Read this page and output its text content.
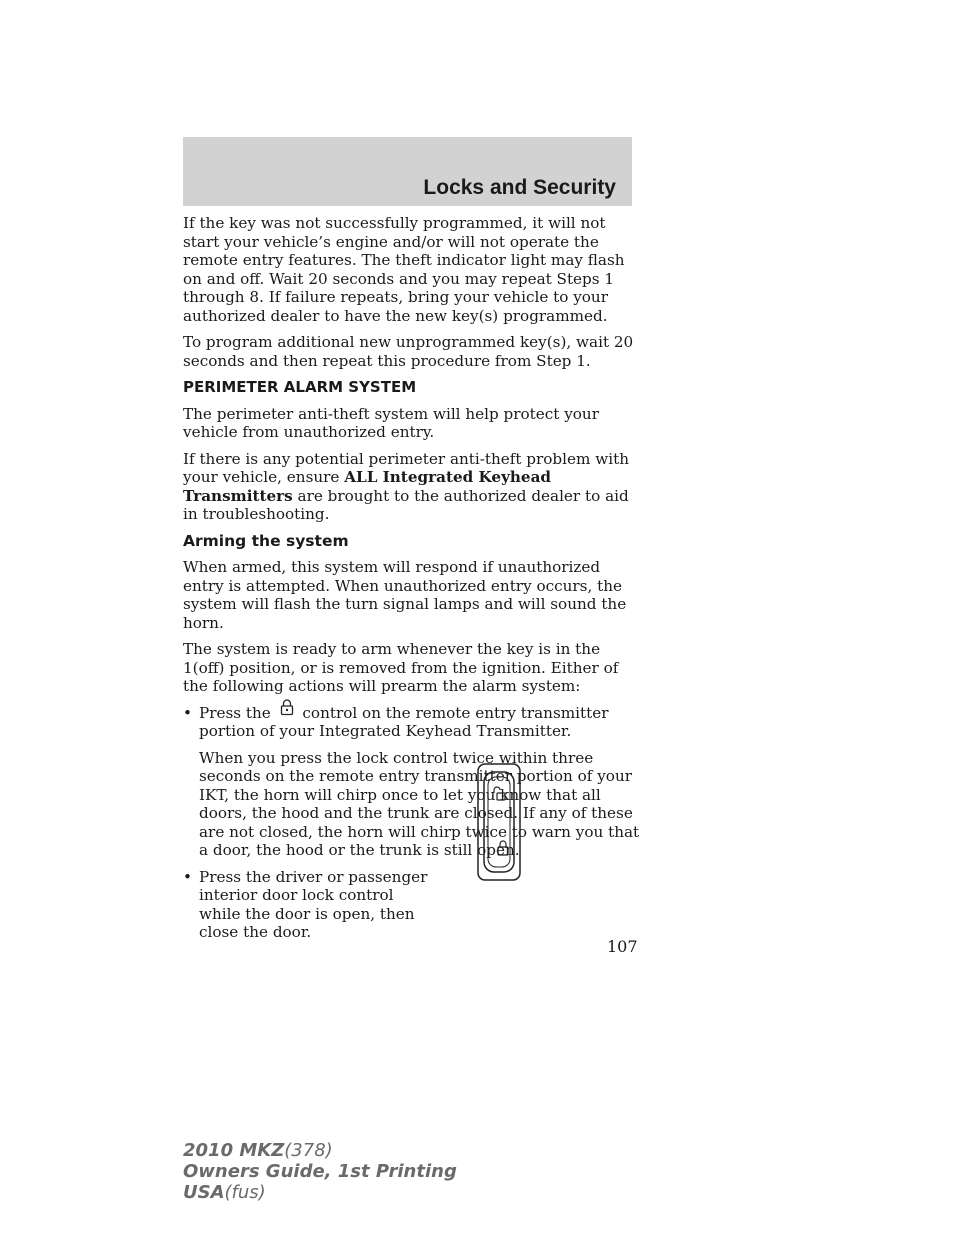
Locks and Security

If the key was not successfully programmed, it will not start your vehicle’s engine and/or will not operate the remote entry features. The theft indicator light may flash on and off. Wait 20 seconds and you may repeat Steps 1 through 8. If failure repeats, bring your vehicle to your authorized dealer to have the new key(s) programmed.

To program additional new unprogrammed key(s), wait 20 seconds and then repeat this procedure from Step 1.

PERIMETER ALARM SYSTEM

The perimeter anti-theft system will help protect your vehicle from unauthorized entry.

If there is any potential perimeter anti-theft problem with your vehicle, ensure ALL Integrated Keyhead Transmitters are brought to the authorized dealer to aid in troubleshooting.

Arming the system

When armed, this system will respond if unauthorized entry is attempted. When unauthorized entry occurs, the system will flash the turn signal lamps and will sound the horn.

The system is ready to arm whenever the key is in the 1(off) position, or is removed from the ignition. Either of the following actions will prearm the alarm system:

• Press the  control on the remote entry transmitter portion of your Integrated Keyhead Transmitter.

When you press the lock control twice within three seconds on the remote entry transmitter portion of your IKT, the horn will chirp once to let you know that all doors, the hood and the trunk are closed. If any of these are not closed, the horn will chirp twice to warn you that a door, the hood or the trunk is still open.

• Press the driver or passenger interior door lock control while the door is open, then close the door.
107
2010 MKZ(378)
Owners Guide, 1st Printing
USA(fus)
